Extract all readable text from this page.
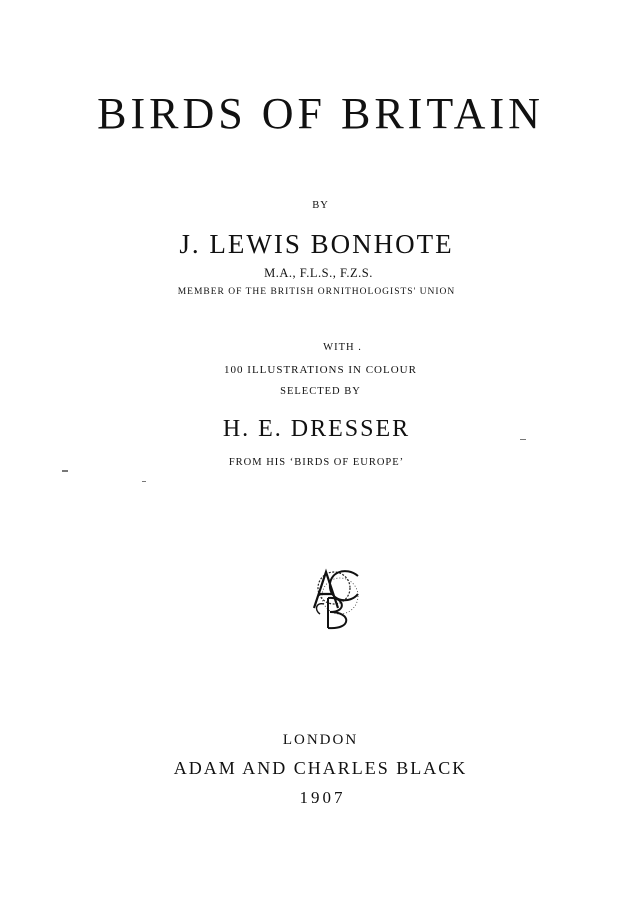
BIRDS OF BRITAIN
BY
J. LEWIS BONHOTE
M.A., F.L.S., F.Z.S.
MEMBER OF THE BRITISH ORNITHOLOGISTS' UNION
WITH .
100 ILLUSTRATIONS IN COLOUR
SELECTED BY
H. E. DRESSER
FROM HIS ‘BIRDS OF EUROPE’
LONDON
ADAM AND CHARLES BLACK
1907
